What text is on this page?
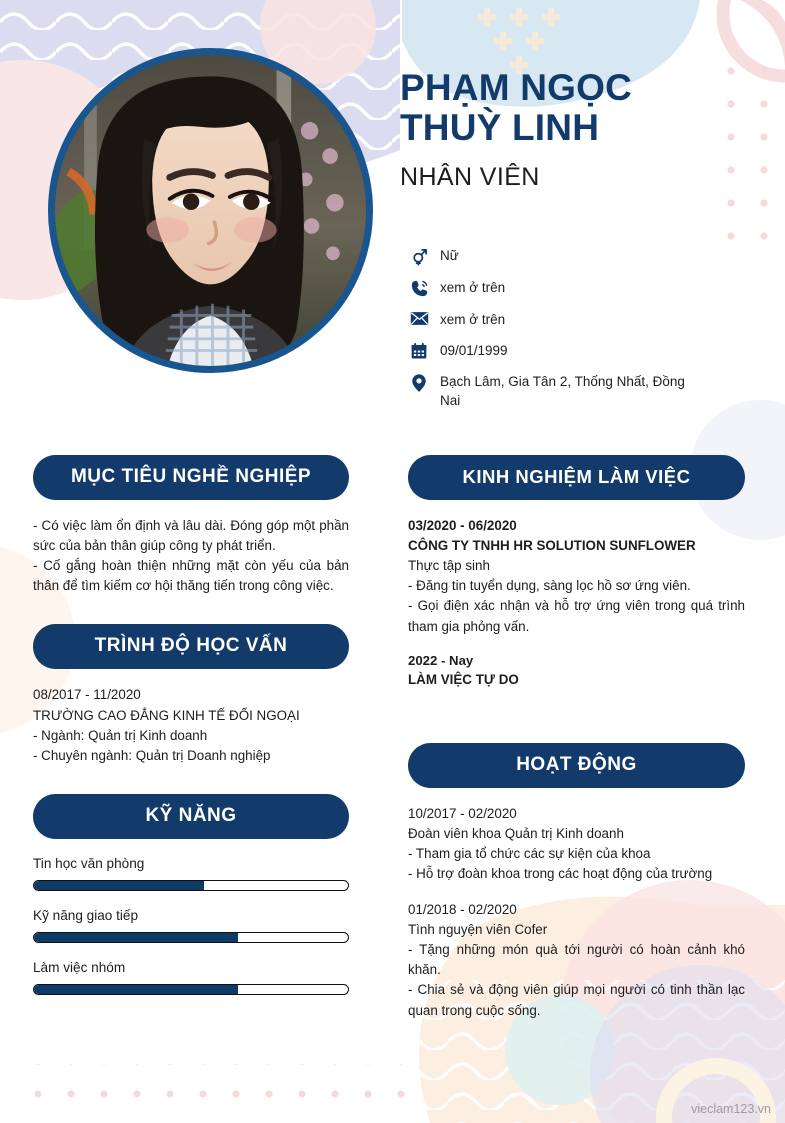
PHẠM NGỌC THUỲ LINH
NHÂN VIÊN
Nữ
xem ở trên
xem ở trên
09/01/1999
Bạch Lâm, Gia Tân 2, Thống Nhất, Đồng Nai
MỤC TIÊU NGHỀ NGHIỆP

- Có việc làm ổn định và lâu dài. Đóng góp một phần sức của bản thân giúp công ty phát triển.

- Cố gắng hoàn thiện những mặt còn yếu của bản thân để tìm kiếm cơ hội thăng tiến trong công việc.

TRÌNH ĐỘ HỌC VẤN

08/2017 - 11/2020

TRƯỜNG CAO ĐẲNG KINH TẾ ĐỐI NGOẠI

- Ngành: Quản trị Kinh doanh

- Chuyên ngành: Quản trị Doanh nghiệp

KỸ NĂNG
Tin học văn phòng
Kỹ năng giao tiếp
Làm việc nhóm
KINH NGHIỆM LÀM VIỆC

03/2020 - 06/2020

CÔNG TY TNHH HR SOLUTION SUNFLOWER

Thực tập sinh

- Đăng tin tuyển dụng, sàng lọc hồ sơ ứng viên.

- Gọi điện xác nhận và hỗ trợ ứng viên trong quá trình tham gia phỏng vấn.

2022 - Nay

LÀM VIỆC TỰ DO

HOẠT ĐỘNG

10/2017 - 02/2020

Đoàn viên khoa Quản trị Kinh doanh

- Tham gia tổ chức các sự kiện của khoa

- Hỗ trợ đoàn khoa trong các hoạt động của trường

01/2018 - 02/2020

Tình nguyện viên Cofer

- Tặng những món quà tới người có hoàn cảnh khó khăn.

- Chia sẻ và động viên giúp mọi người có tinh thần lạc quan trong cuộc sống.

vieclam123.vn
